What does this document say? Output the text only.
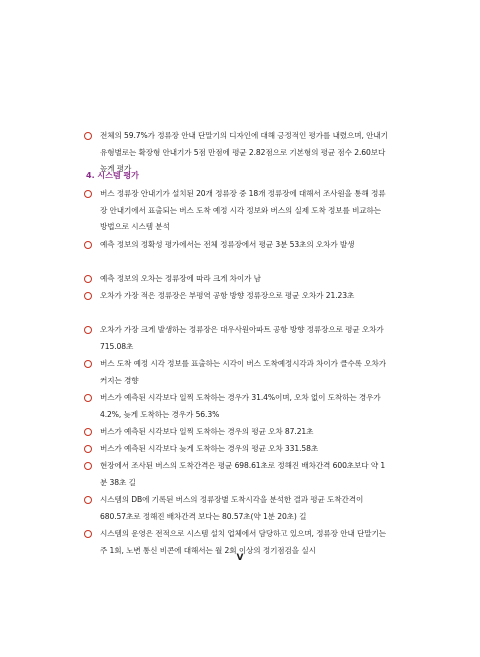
전체의 59.7%가 정류장 안내 단말기의 디자인에 대해 긍정적인 평가를 내렸으며, 안내기 유형별로는 확장형 안내기가 5점 만점에 평균 2.82점으로 기본형의 평균 점수 2.60보다 높게 평가
4. 시스템 평가
버스 정류장 안내기가 설치된 20개 정류장 중 18개 정류장에 대해서 조사원을 통해 정류장 안내기에서 표출되는 버스 도착 예정 시각 정보와 버스의 실제 도착 정보를 비교하는 방법으로 시스템 분석
예측 정보의 정확성 평가에서는 전체 정류장에서 평균 3분 53초의 오차가 발생
예측 정보의 오차는 정류장에 따라 크게 차이가 남
오차가 가장 적은 정류장은 부평역 공항 방향 정류장으로 평균 오차가 21.23초
오차가 가장 크게 발생하는 정류장은 대우사원아파트 공항 방향 정류장으로 평균 오차가 715.08초
버스 도착 예정 시각 정보를 표출하는 시각이 버스 도착예정시각과 차이가 클수록 오차가 커지는 경향
버스가 예측된 시각보다 일찍 도착하는 경우가 31.4%이며, 오차 없이 도착하는 경우가 4.2%, 늦게 도착하는 경우가 56.3%
버스가 예측된 시각보다 일찍 도착하는 경우의 평균 오차 87.21초
버스가 예측된 시각보다 늦게 도착하는 경우의 평균 오차 331.58초
현장에서 조사된 버스의 도착간격은 평균 698.61초로 정해진 배차간격 600초보다 약 1분 38초 길
시스템의 DB에 기록된 버스의 정류장별 도착시각을 분석한 결과 평균 도착간격이 680.57초로 정해진 배차간격 보다는 80.57초(약 1분 20초) 길
시스템의 운영은 전적으로 시스템 설치 업체에서 담당하고 있으며, 정류장 안내 단말기는 주 1회, 노변 통신 비콘에 대해서는 월 2회 이상의 정기점검을 실시
V
